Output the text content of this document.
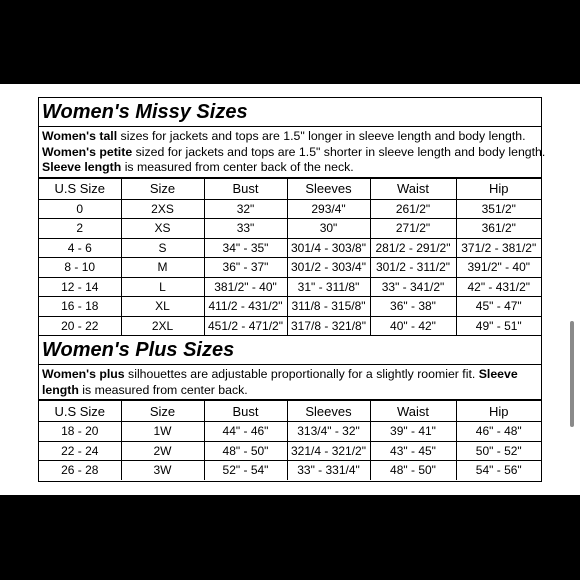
Women's Missy Sizes
Women's tall sizes for jackets and tops are 1.5" longer in sleeve length and body length.
Women's petite sized for jackets and tops are 1.5" shorter in sleeve length and body length.
Sleeve length is measured from center back of the neck.
U.S Size	Size	Bust	Sleeves	Waist	Hip
0	2XS	32"	293/4"	261/2"	351/2"
2	XS	33"	30"	271/2"	361/2"
4 - 6	S	34" - 35"	301/4 - 303/8"	281/2 - 291/2"	371/2 - 381/2"
8 - 10	M	36" - 37"	301/2 - 303/4"	301/2 - 311/2"	391/2" - 40"
12 - 14	L	381/2" - 40"	31" - 311/8"	33" - 341/2"	42" - 431/2"
16 - 18	XL	411/2 - 431/2"	311/8 - 315/8"	36" - 38"	45" - 47"
20 - 22	2XL	451/2 - 471/2"	317/8 - 321/8"	40" - 42"	49" - 51"
Women's Plus Sizes
Women's plus silhouettes are adjustable proportionally for a slightly roomier fit. Sleeve length is measured from center back.
U.S Size	Size	Bust	Sleeves	Waist	Hip
18 - 20	1W	44" - 46"	313/4" - 32"	39" - 41"	46" - 48"
22 - 24	2W	48" - 50"	321/4 - 321/2"	43" - 45"	50" - 52"
26 - 28	3W	52" - 54"	33" - 331/4"	48" - 50"	54" - 56"
